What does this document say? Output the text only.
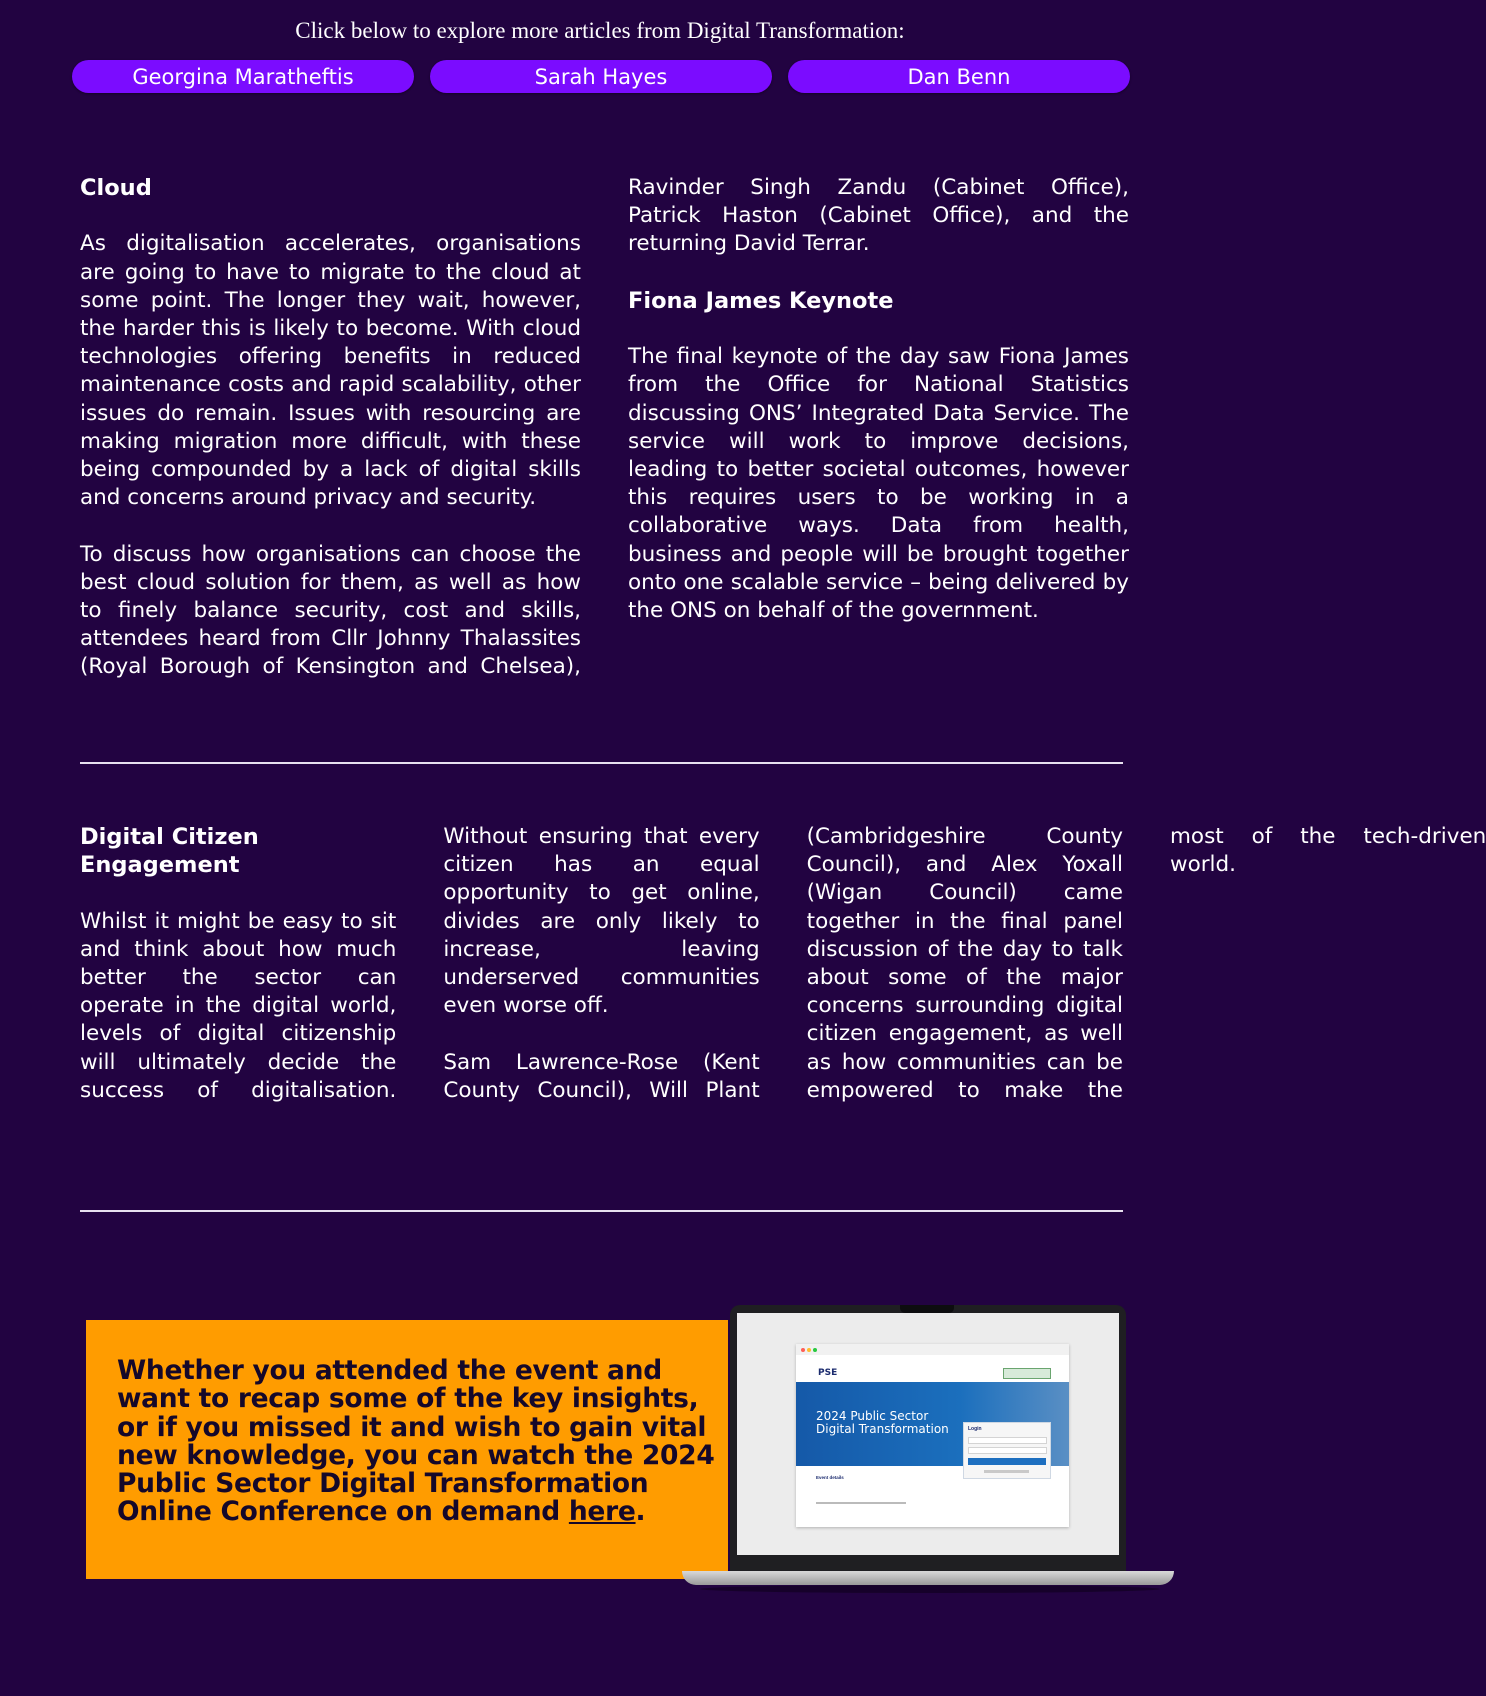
Click below to explore more articles from Digital Transformation:
Georgina Maratheftis	Sarah Hayes	Dan Benn
Cloud

As digitalisation accelerates, organisations are going to have to migrate to the cloud at some point. The longer they wait, however, the harder this is likely to become. With cloud technologies offering benefits in reduced maintenance costs and rapid scalability, other issues do remain. Issues with resourcing are making migration more difficult, with these being compounded by a lack of digital skills and concerns around privacy and security.

To discuss how organisations can choose the best cloud solution for them, as well as how to finely balance security, cost and skills, attendees heard from Cllr Johnny Thalassites (Royal Borough of Kensington and Chelsea), Ravinder Singh Zandu (Cabinet Office), Patrick Haston (Cabinet Office), and the returning David Terrar.

Fiona James Keynote

The final keynote of the day saw Fiona James from the Office for National Statistics discussing ONS’ Integrated Data Service. The service will work to improve decisions, leading to better societal outcomes, however this requires users to be working in a collaborative ways. Data from health, business and people will be brought together onto one scalable service – being delivered by the ONS on behalf of the government.

Digital Citizen Engagement

Whilst it might be easy to sit and think about how much better the sector can operate in the digital world, levels of digital citizenship will ultimately decide the success of digitalisation. Without ensuring that every citizen has an equal opportunity to get online, divides are only likely to increase, leaving underserved communities even worse off.

Sam Lawrence-Rose (Kent County Council), Will Plant (Cambridgeshire County Council), and Alex Yoxall (Wigan Council) came together in the final panel discussion of the day to talk about some of the major concerns surrounding digital citizen engagement, as well as how communities can be empowered to make the most of the tech-driven world.

Whether you attended the event and want to recap some of the key insights, or if you missed it and wish to gain vital new knowledge, you can watch the 2024 Public Sector Digital Transformation Online Conference on demand here.
PSE
2024 Public Sector Digital Transformation	Login
Event details
